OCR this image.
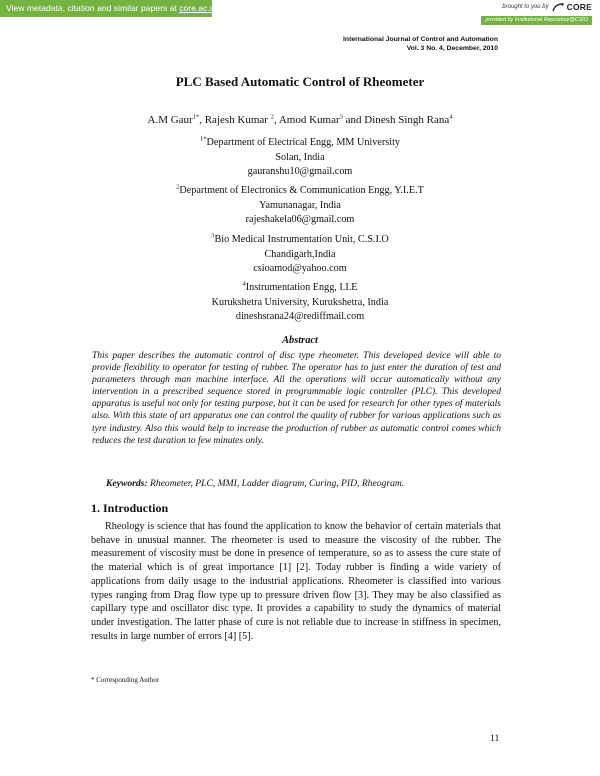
View metadata, citation and similar papers at core.ac.uk	brought to you by CORE
provided by Institutional Repository@CSIO
International Journal of Control and Automation
Vol. 3 No. 4, December, 2010
PLC Based Automatic Control of Rheometer
A.M Gaur$^{1*}$, Rajesh Kumar $^2$, Amod Kumar$^3$ and Dinesh Singh Rana$^4$
$^{1*}$Department of Electrical Engg, MM University
Solan, India
gauranshu10@gmail.com
$^2$Department of Electronics & Communication Engg, Y.I.E.T
Yamunanagar, India
rajeshakela06@gmail.com
$^3$Bio Medical Instrumentation Unit, C.S.I.O
Chandigarh,India
csioamod@yahoo.com
$^4$Instrumentation Engg, I.I.E
Kurukshetra University, Kurukshetra, India
dineshsrana24@rediffmail.com
Abstract
This paper describes the automatic control of disc type rheometer. This developed device will able to provide flexibility to operator for testing of rubber. The operator has to just enter the duration of test and parameters through man machine interface. All the operations will occur automatically without any intervention in a prescribed sequence stored in programmable logic controller (PLC). This developed apparatus is useful not only for testing purpose, but it can be used for research for other types of materials also. With this state of art apparatus one can control the quality of rubber for various applications such as tyre industry. Also this would help to increase the production of rubber as automatic control comes which reduces the test duration to few minutes only.
Keywords: Rheometer, PLC, MMI, Ladder diagram, Curing, PID, Rheogram.
1. Introduction
Rheology is science that has found the application to know the behavior of certain materials that behave in unusual manner. The rheometer is used to measure the viscosity of the rubber. The measurement of viscosity must be done in presence of temperature, so as to assess the cure state of the material which is of great importance [1] [2]. Today rubber is finding a wide variety of applications from daily usage to the industrial applications. Rheometer is classified into various types ranging from Drag flow type up to pressure driven flow [3]. They may be also classified as capillary type and oscillator disc type. It provides a capability to study the dynamics of material under investigation. The latter phase of cure is not reliable due to increase in stiffness in specimen, results in large number of errors [4] [5].
* Corresponding Author
11
